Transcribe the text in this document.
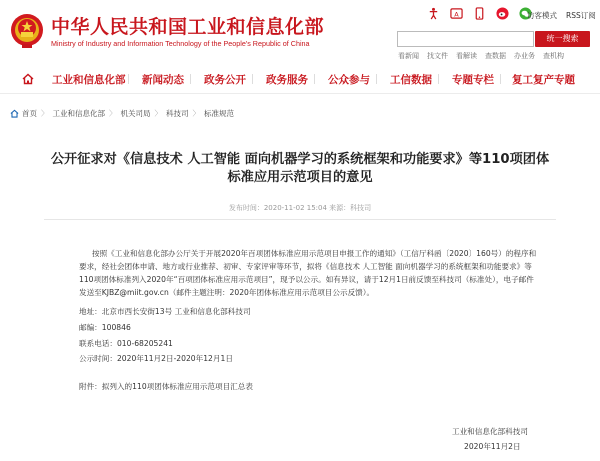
中华人民共和国工业和信息化部
Ministry of Industry and Information Technology of the People's Republic of China
A	访客模式 RSS订阅
统一搜索
看新闻 找文件 看解读 查数据 办业务 查机构
工业和信息化部 新闻动态 政务公开 政务服务 公众参与 工信数据 专题专栏 复工复产专题
首页 〉 工业和信息化部 〉 机关司局 〉 科技司 〉 标准规范
公开征求对《信息技术 人工智能 面向机器学习的系统框架和功能要求》等110项团体
标准应用示范项目的意见
发布时间：2020-11-02 15:04 来源：科技司
按照《工业和信息化部办公厅关于开展2020年百项团体标准应用示范项目申报工作的通知》（工信厅科函〔2020〕160号）的程序和要求，经社会团体申请、地方或行业推荐、初审、专家评审等环节，拟将《信息技术 人工智能 面向机器学习的系统框架和功能要求》等110项团体标准列入2020年“百项团体标准应用示范项目”，现予以公示。如有异议，请于12月1日前反馈至科技司（标准处），电子邮件发送至KJBZ@miit.gov.cn（邮件主题注明：2020年团体标准应用示范项目公示反馈）。
地址：北京市西长安街13号 工业和信息化部科技司
邮编：100846
联系电话：010-68205241
公示时间：2020年11月2日-2020年12月1日
附件：拟列入的110项团体标准应用示范项目汇总表
工业和信息化部科技司
2020年11月2日
